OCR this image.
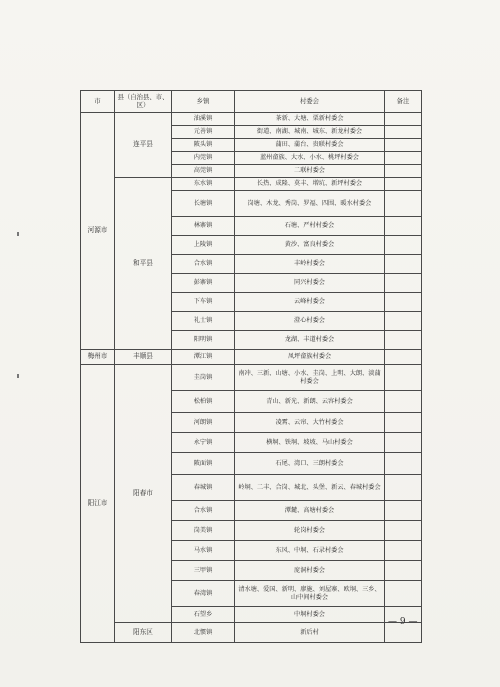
市	县（自治县、市、区）	乡镇	村委会	备注
河源市	连平县	油溪镇	茶新、大塘、栗新村委会	
		元善镇	街道、南湖、城南、城东、新龙村委会	
		陂头镇	蒲田、蒲台、贵联村委会	
		内莞镇	蓝州畲族、大水、小水、桃坪村委会	
		高莞镇	二联村委会	
	和平县	东水镇	长热、成隆、莫丰、増坑、新坪村委会	
		长塘镇	岗塘、木龙、秀岗、罗福、四围、暖水村委会	
		林寨镇	石塘、严村村委会	
		上陵镇	黄沙、富良村委会	
		合水镇	丰岭村委会	
		彭寨镇	同兴村委会	
		下车镇	云峰村委会	
		礼士镇	澄心村委会	
		阳明镇	龙湖、丰道村委会	
梅州市	丰顺县	潭江镇	凤坪畲族村委会	
阳江市	阳春市	圭岗镇	南冲、三新、山塘、小水、圭岗、上明、大朗、淡蒲村委会	
		松柏镇	青山、新光、新朗、云容村委会	
		河朗镇	凌霄、云帘、大竹村委会	
		永宁镇	横垌、铁垌、坡坡、马山村委会	
		陂面镇	石尾、湾口、三朗村委会	
		春城镇	岭垌、二丰、合岗、城北、头堡、新云、春城村委会	
		合水镇	潭麓、高塘村委会	
		岗美镇	轮岗村委会	
		马水镇	东风、中垌、石录村委会	
		三甲镇	庞洞村委会	
		春湾镇	清水塘、爱国、新明、廖施、刘屋寨、欧垌、三乡、山中间村委会	
		石望乡	中垌村委会	
	阳东区	北惯镇	新后村	
— 9 —
